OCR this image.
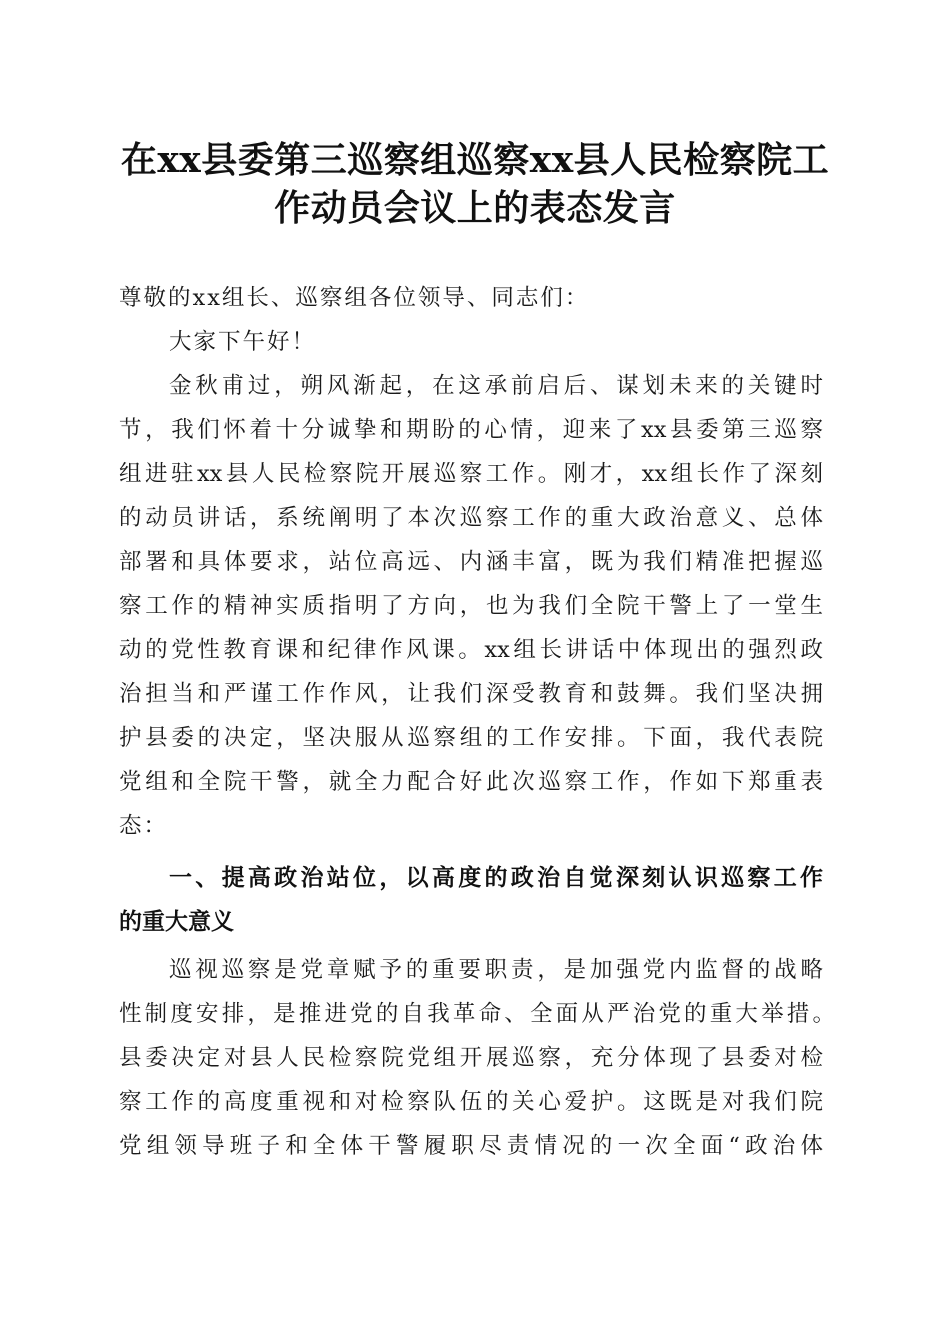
在xx县委第三巡察组巡察xx县人民检察院工
作动员会议上的表态发言
尊敬的xx组长、巡察组各位领导、同志们：
大家下午好！
金秋甫过，朔风渐起，在这承前启后、谋划未来的关键时
节，我们怀着十分诚挚和期盼的心情，迎来了xx县委第三巡察
组进驻xx县人民检察院开展巡察工作。刚才，xx组长作了深刻
的动员讲话，系统阐明了本次巡察工作的重大政治意义、总体
部署和具体要求，站位高远、内涵丰富，既为我们精准把握巡
察工作的精神实质指明了方向，也为我们全院干警上了一堂生
动的党性教育课和纪律作风课。xx组长讲话中体现出的强烈政
治担当和严谨工作作风，让我们深受教育和鼓舞。我们坚决拥
护县委的决定，坚决服从巡察组的工作安排。下面，我代表院
党组和全院干警，就全力配合好此次巡察工作，作如下郑重表
态：
一、提高政治站位，以高度的政治自觉深刻认识巡察工作
的重大意义
巡视巡察是党章赋予的重要职责，是加强党内监督的战略
性制度安排，是推进党的自我革命、全面从严治党的重大举措。
县委决定对县人民检察院党组开展巡察，充分体现了县委对检
察工作的高度重视和对检察队伍的关心爱护。这既是对我们院
党组领导班子和全体干警履职尽责情况的一次全面“政治体
